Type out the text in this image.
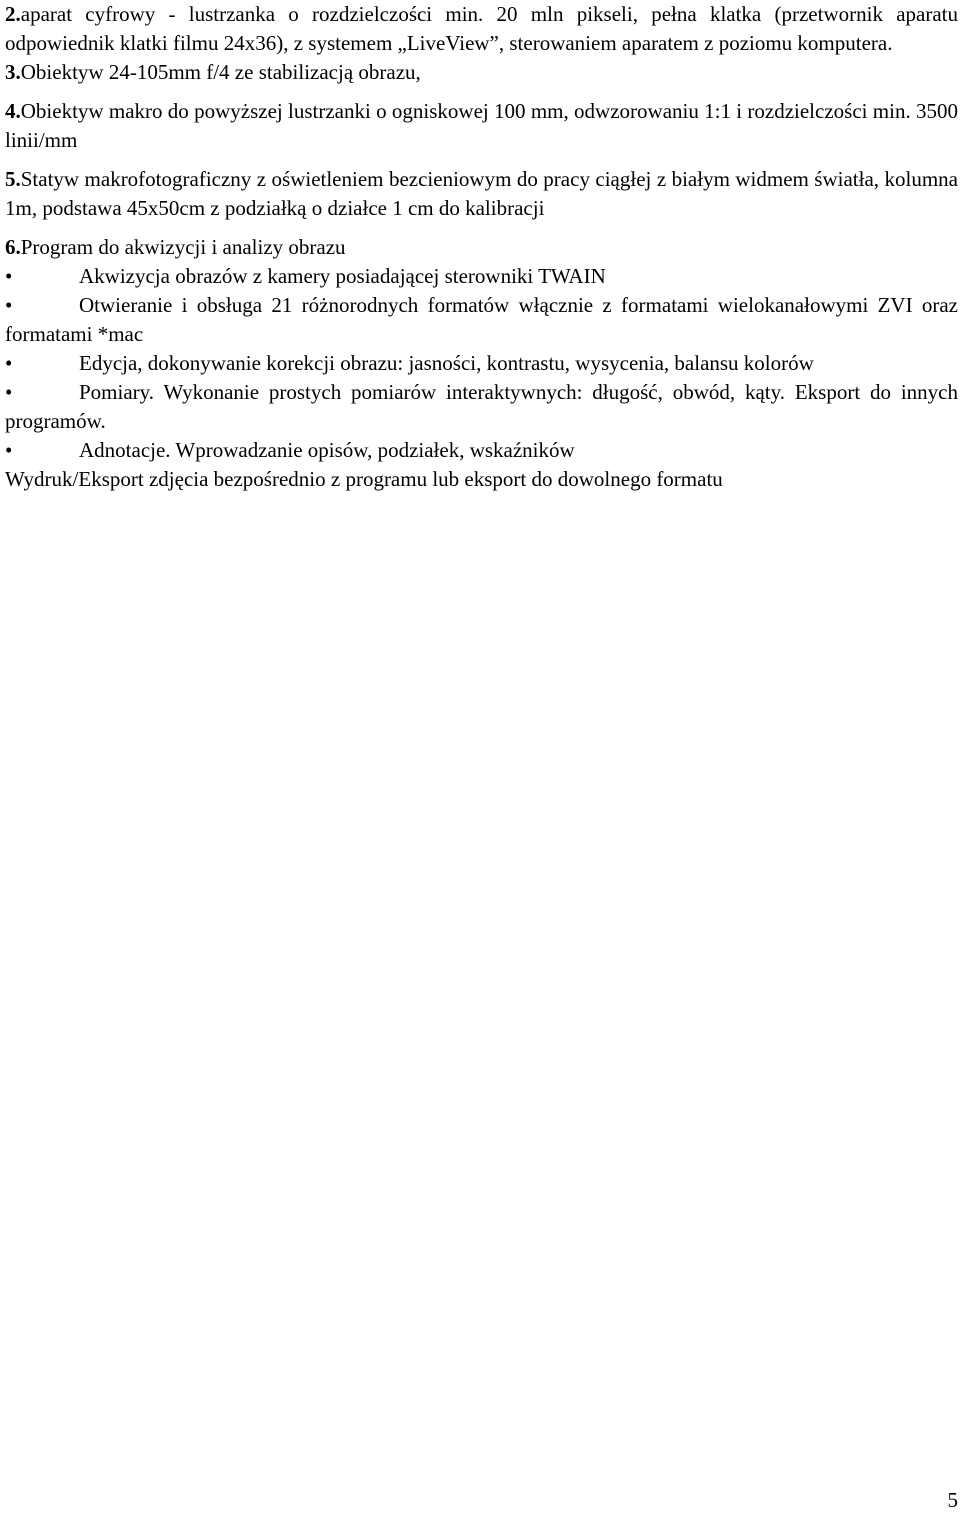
2.aparat cyfrowy - lustrzanka o rozdzielczości min. 20 mln pikseli, pełna klatka (przetwornik aparatu odpowiednik klatki filmu 24x36), z systemem „LiveView”, sterowaniem aparatem z poziomu komputera.

3.Obiektyw 24-105mm f/4 ze stabilizacją obrazu,

4.Obiektyw makro do powyższej lustrzanki o ogniskowej 100 mm, odwzorowaniu 1:1 i rozdzielczości min. 3500 linii/mm

5.Statyw makrofotograficzny z oświetleniem bezcieniowym do pracy ciągłej z białym widmem światła, kolumna 1m, podstawa 45x50cm z podziałką o działce 1 cm do kalibracji

6.Program do akwizycji i analizy obrazu

•	Akwizycja obrazów z kamery posiadającej sterowniki TWAIN

•	Otwieranie i obsługa 21 różnorodnych formatów włącznie z formatami wielokanałowymi ZVI oraz formatami *mac

•	Edycja, dokonywanie korekcji obrazu: jasności, kontrastu, wysycenia, balansu kolorów

•	Pomiary. Wykonanie prostych pomiarów interaktywnych: długość, obwód, kąty. Eksport do innych programów.

•	Adnotacje. Wprowadzanie opisów, podziałek, wskaźników

Wydruk/Eksport zdjęcia bezpośrednio z programu lub eksport do dowolnego formatu

5
